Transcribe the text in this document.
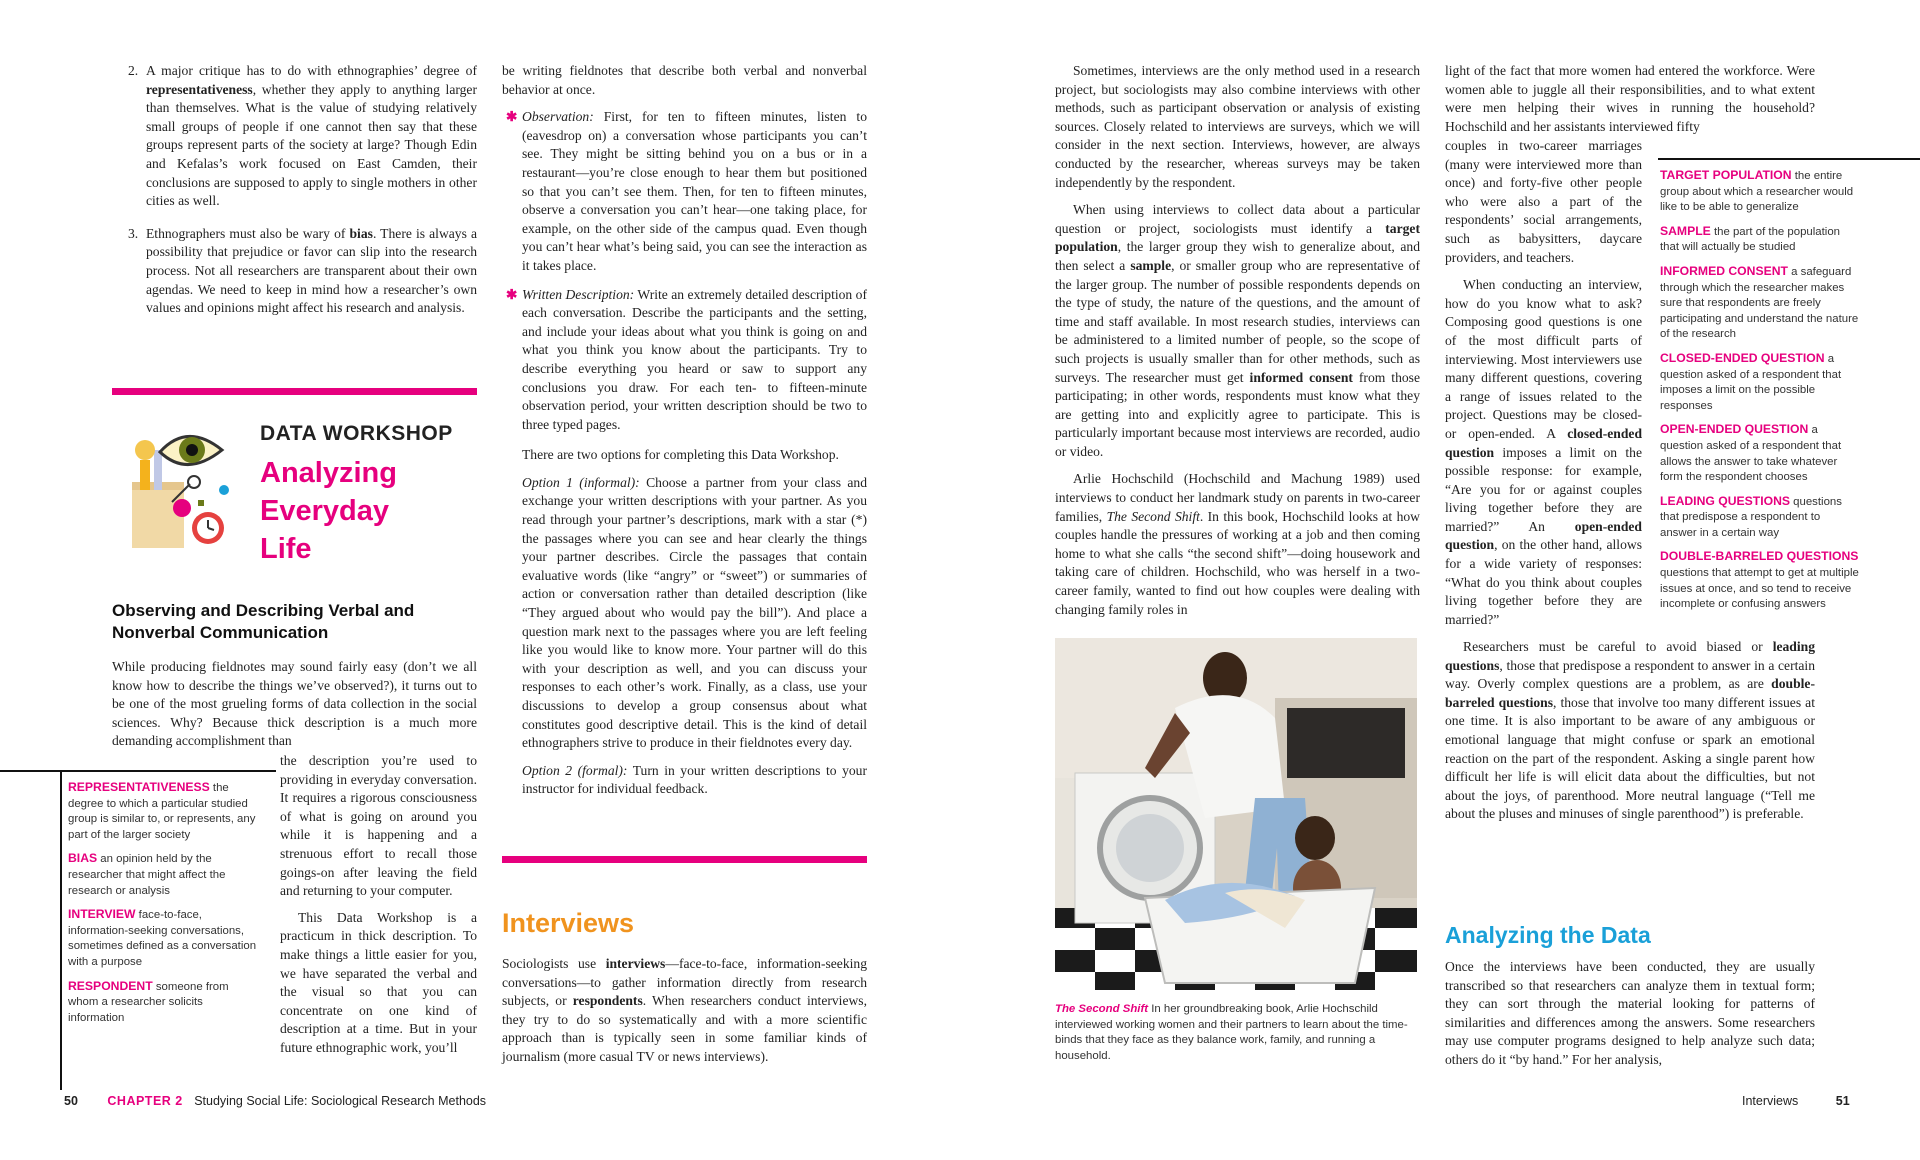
2. A major critique has to do with ethnographies’ degree of representativeness, whether they apply to anything larger than themselves. What is the value of studying relatively small groups of people if one cannot then say that these groups represent parts of the society at large? Though Edin and Kefalas’s work focused on East Camden, their conclusions are supposed to apply to single mothers in other cities as well.
3. Ethnographers must also be wary of bias. There is always a possibility that prejudice or favor can slip into the research process. Not all researchers are transparent about their own agendas. We need to keep in mind how a researcher’s own values and opinions might affect his research and analysis.
DATA WORKSHOP
Analyzing
Everyday
Life
Observing and Describing Verbal and Nonverbal Communication

While producing fieldnotes may sound fairly easy (don’t we all know how to describe the things we’ve observed?), it turns out to be one of the most grueling forms of data collection in the social sciences. Why? Because thick description is a much more demanding accomplishment than

REPRESENTATIVENESS the degree to which a particular studied group is similar to, or represents, any part of the larger society
BIAS an opinion held by the researcher that might affect the research or analysis
INTERVIEW face-to-face, information-seeking conversations, sometimes defined as a conversation with a purpose
RESPONDENT someone from whom a researcher solicits information

the description you’re used to providing in everyday conversation. It requires a rigorous consciousness of what is going on around you while it is happening and a strenuous effort to recall those goings-on after leaving the field and returning to your computer.

This Data Workshop is a practicum in thick description. To make things a little easier for you, we have separated the verbal and the visual so that you can concentrate on one kind of description at a time. But in your future ethnographic work, you’ll

be writing fieldnotes that describe both verbal and nonverbal behavior at once.

✱ Observation: First, for ten to fifteen minutes, listen to (eavesdrop on) a conversation whose participants you can’t see. They might be sitting behind you on a bus or in a restaurant—you’re close enough to hear them but positioned so that you can’t see them. Then, for ten to fifteen minutes, observe a conversation you can’t hear—one taking place, for example, on the other side of the campus quad. Even though you can’t hear what’s being said, you can see the interaction as it takes place.
✱ Written Description: Write an extremely detailed description of each conversation. Describe the participants and the setting, and include your ideas about what you think is going on and what you think you know about the participants. Try to describe everything you heard or saw to support any conclusions you draw. For each ten- to fifteen-minute observation period, your written description should be two to three typed pages.

There are two options for completing this Data Workshop.

Option 1 (informal): Choose a partner from your class and exchange your written descriptions with your partner. As you read through your partner’s descriptions, mark with a star (*) the passages where you can see and hear clearly the things your partner describes. Circle the passages that contain evaluative words (like “angry” or “sweet”) or summaries of action or conversation rather than detailed description (like “They argued about who would pay the bill”). And place a question mark next to the passages where you are left feeling like you would like to know more. Your partner will do this with your description as well, and you can discuss your responses to each other’s work. Finally, as a class, use your discussions to develop a group consensus about what constitutes good descriptive detail. This is the kind of detail ethnographers strive to produce in their fieldnotes every day.

Option 2 (formal): Turn in your written descriptions to your instructor for individual feedback.

Interviews

Sociologists use interviews—face-to-face, information-seeking conversations—to gather information directly from research subjects, or respondents. When researchers conduct interviews, they try to do so systematically and with a more scientific approach than is typically seen in some familiar kinds of journalism (more casual TV or news interviews).

50 CHAPTER 2 Studying Social Life: Sociological Research Methods

Sometimes, interviews are the only method used in a research project, but sociologists may also combine interviews with other methods, such as participant observation or analysis of existing sources. Closely related to interviews are surveys, which we will consider in the next section. Interviews, however, are always conducted by the researcher, whereas surveys may be taken independently by the respondent.

When using interviews to collect data about a particular question or project, sociologists must identify a target population, the larger group they wish to generalize about, and then select a sample, or smaller group who are representative of the larger group. The number of possible respondents depends on the type of study, the nature of the questions, and the amount of time and staff available. In most research studies, interviews can be administered to a limited number of people, so the scope of such projects is usually smaller than for other methods, such as surveys. The researcher must get informed consent from those participating; in other words, respondents must know what they are getting into and explicitly agree to participate. This is particularly important because most interviews are recorded, audio or video.

Arlie Hochschild (Hochschild and Machung 1989) used interviews to conduct her landmark study on parents in two-career families, The Second Shift. In this book, Hochschild looks at how couples handle the pressures of working at a job and then coming home to what she calls “the second shift”—doing housework and taking care of children. Hochschild, who was herself in a two-career family, wanted to find out how couples were dealing with changing family roles in

The Second Shift In her groundbreaking book, Arlie Hochschild interviewed working women and their partners to learn about the time-binds that they face as they balance work, family, and running a household.

light of the fact that more women had entered the workforce. Were women able to juggle all their responsibilities, and to what extent were men helping their wives in running the household? Hochschild and her assistants interviewed fifty

couples in two-career marriages (many were interviewed more than once) and forty-five other people who were also a part of the respondents’ social arrangements, such as babysitters, daycare providers, and teachers.

When conducting an interview, how do you know what to ask? Composing good questions is one of the most difficult parts of interviewing. Most interviewers use many different questions, covering a range of issues related to the project. Questions may be closed- or open-ended. A closed-ended question imposes a limit on the possible response: for example, “Are you for or against couples living together before they are married?” An open-ended question, on the other hand, allows for a wide variety of responses: “What do you think about couples living together before they are married?”

Researchers must be careful to avoid biased or leading questions, those that predispose a respondent to answer in a certain way. Overly complex questions are a problem, as are double-barreled questions, those that involve too many different issues at one time. It is also important to be aware of any ambiguous or emotional language that might confuse or spark an emotional reaction on the part of the respondent. Asking a single parent how difficult her life is will elicit data about the difficulties, but not about the joys, of parenthood. More neutral language (“Tell me about the pluses and minuses of single parenthood”) is preferable.

Analyzing the Data

Once the interviews have been conducted, they are usually transcribed so that researchers can analyze them in textual form; they can sort through the material looking for patterns of similarities and differences among the answers. Some researchers may use computer programs designed to help analyze such data; others do it “by hand.” For her analysis,

TARGET POPULATION the entire group about which a researcher would like to be able to generalize
SAMPLE the part of the population that will actually be studied
INFORMED CONSENT a safeguard through which the researcher makes sure that respondents are freely participating and understand the nature of the research
CLOSED-ENDED QUESTION a question asked of a respondent that imposes a limit on the possible responses
OPEN-ENDED QUESTION a question asked of a respondent that allows the answer to take whatever form the respondent chooses
LEADING QUESTIONS questions that predispose a respondent to answer in a certain way
DOUBLE-BARRELED QUESTIONS questions that attempt to get at multiple issues at once, and so tend to receive incomplete or confusing answers
Interviews	51
